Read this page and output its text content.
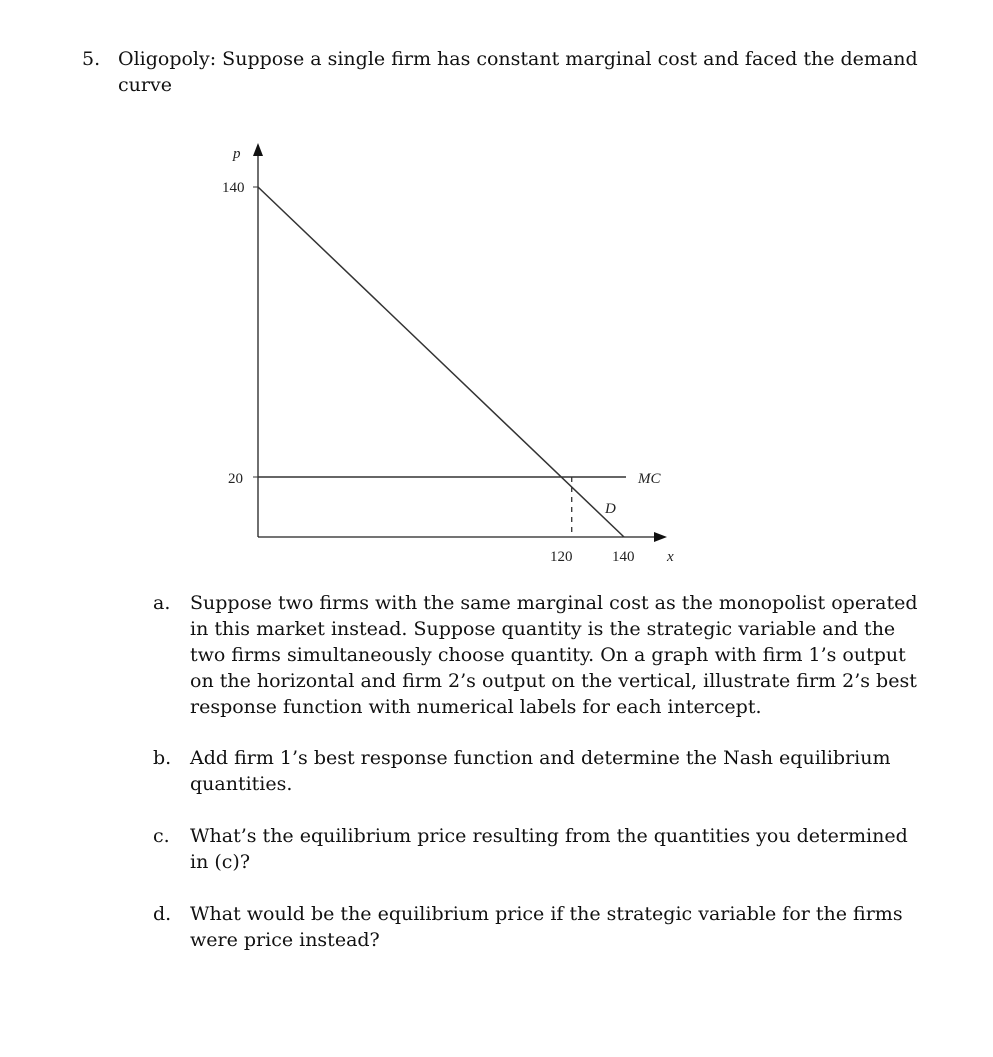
5. Oligopoly: Suppose a single firm has constant marginal cost and faced the demand curve
p
x
140
20
120	140
MC
D
a. Suppose two firms with the same marginal cost as the monopolist operated in this market instead. Suppose quantity is the strategic variable and the two firms simultaneously choose quantity. On a graph with firm 1’s output on the horizontal and firm 2’s output on the vertical, illustrate firm 2’s best response function with numerical labels for each intercept.
b. Add firm 1’s best response function and determine the Nash equilibrium quantities.
c. What’s the equilibrium price resulting from the quantities you determined in (c)?
d. What would be the equilibrium price if the strategic variable for the firms were price instead?
